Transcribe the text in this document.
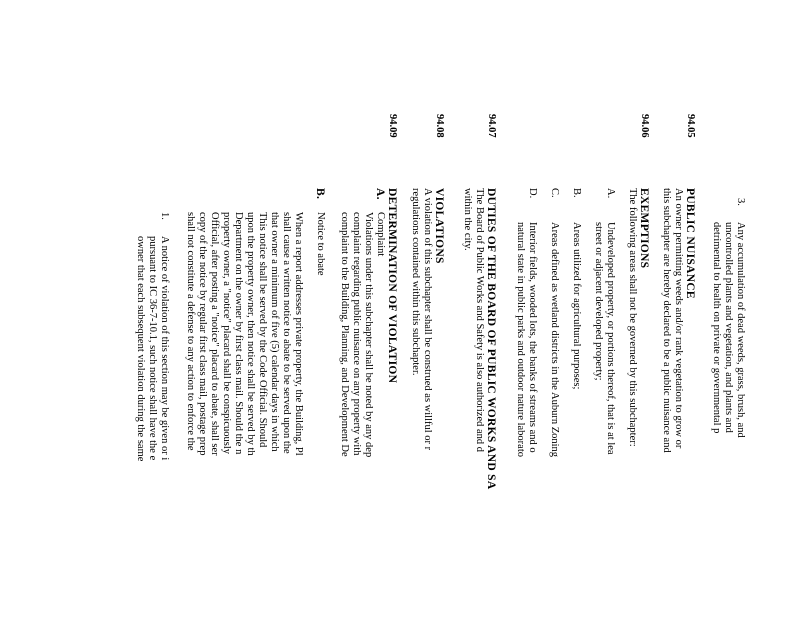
3.
Any accumulation of dead weeds, grass, brush, and
uncontrolled plants and vegetation, and plants and
detrimental to health on private or governmental p
94.05
PUBLIC NUISANCE
An owner permitting weeds and/or rank vegetation to grow or
this subchapter are hereby declared to be a public nuisance and
94.06
EXEMPTIONS
The following areas shall not be governed by this subchapter:
A.
Undeveloped property, or portions thereof, that is at lea
street or adjacent developed property;
B.
Areas utilized for agricultural purposes;
C.
Areas defined as wetland districts in the Auburn Zoning
D.
Interior fields, wooded lots, the banks of streams and o
natural state in public parks and outdoor nature laborato
94.07
DUTIES OF THE BOARD OF PUBLIC WORKS AND SA
The Board of Public Works and Safety is also authorized and d
within the city.
94.08
VIOLATIONS
A violation of this subchapter shall be construed as willful or r
regulations contained within this subchapter.
94.09
DETERMINATION OF VIOLATION
A.
Complaint
Violations under this subchapter shall be noted by any dep
complaint regarding public nuisance on any property with
complaint to the Building, Planning, and Development De
B.
Notice to abate
When a report addresses private property, the Building, Pl
shall cause a written notice to abate to be served upon the
that owner a minimum of five (5) calendar days in which
This notice shall be served by the Code Official. Should
upon the property owner, then notice shall be served by th
Department on the owner by first class mail. Should the n
property owner, a "notice" placard shall be conspicuously
Official, after posting a "notice" placard to abate, shall ser
copy of the notice by regular first class mail, postage prep
shall not constitute a defense to any action to enforce the
1.
A notice of violation of this section may be given or i
pursuant to IC 36-7-10.1, such notice shall have the e
owner that each subsequent violation during the same
